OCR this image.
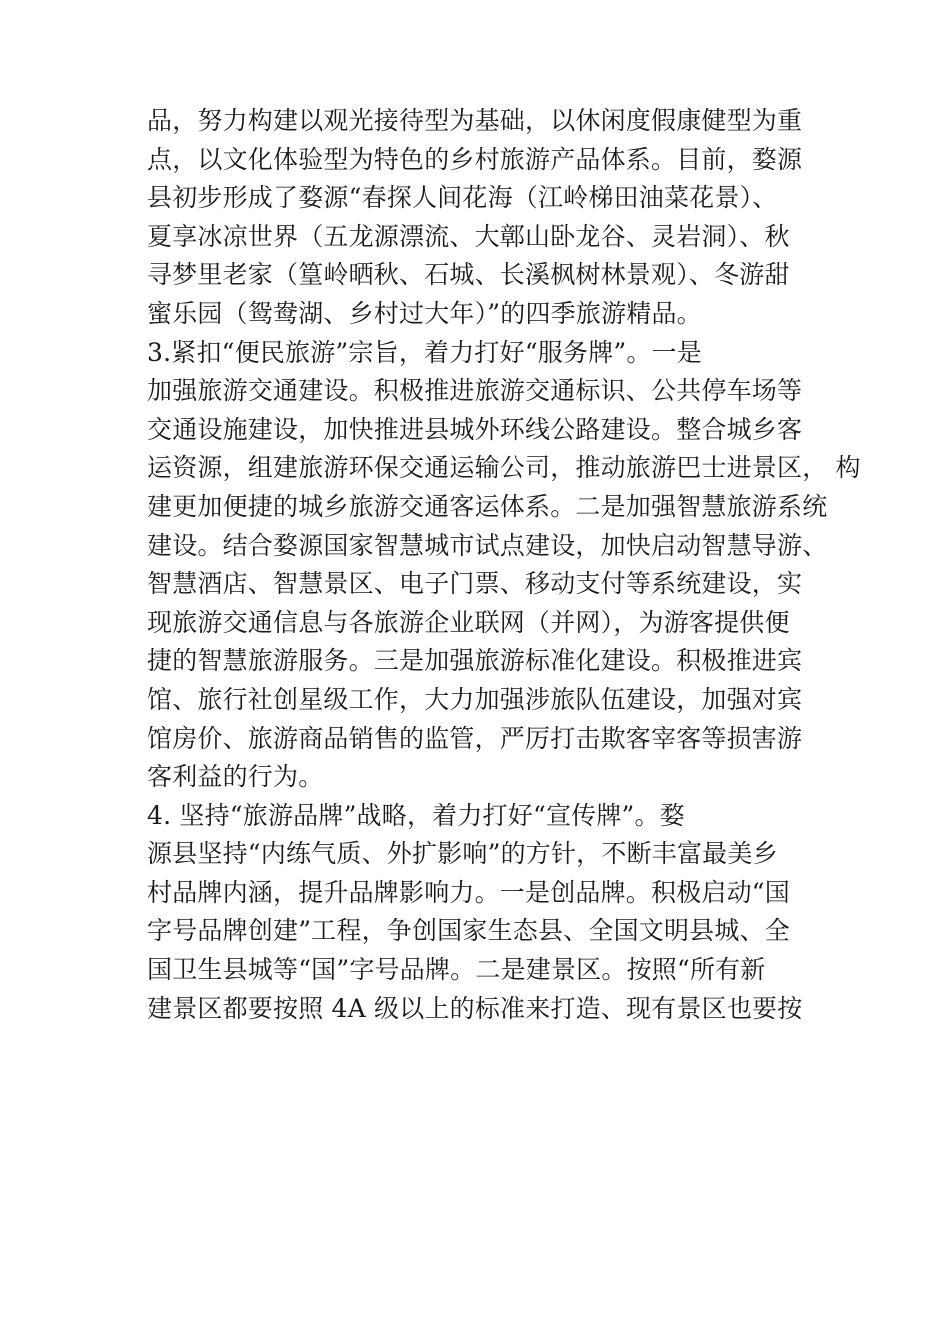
品，努力构建以观光接待型为基础，以休闲度假康健型为重
点，以文化体验型为特色的乡村旅游产品体系。目前，婺源
县初步形成了婺源“春探人间花海（江岭梯田油菜花景）、
夏享冰凉世界（五龙源漂流、大鄣山卧龙谷、灵岩洞）、秋
寻梦里老家（篁岭晒秋、石城、长溪枫树林景观）、冬游甜
蜜乐园（鸳鸯湖、乡村过大年）”的四季旅游精品。
3.紧扣“便民旅游”宗旨，着力打好“服务牌”。一是
加强旅游交通建设。积极推进旅游交通标识、公共停车场等
交通设施建设，加快推进县城外环线公路建设。整合城乡客
运资源，组建旅游环保交通运输公司，推动旅游巴士进景区， 构
建更加便捷的城乡旅游交通客运体系。二是加强智慧旅游系统
建设。结合婺源国家智慧城市试点建设，加快启动智慧导游、
智慧酒店、智慧景区、电子门票、移动支付等系统建设，实
现旅游交通信息与各旅游企业联网（并网），为游客提供便
捷的智慧旅游服务。三是加强旅游标准化建设。积极推进宾
馆、旅行社创星级工作，大力加强涉旅队伍建设，加强对宾
馆房价、旅游商品销售的监管，严厉打击欺客宰客等损害游
客利益的行为。
4. 坚持“旅游品牌”战略，着力打好“宣传牌”。婺
源县坚持“内练气质、外扩影响”的方针，不断丰富最美乡
村品牌内涵，提升品牌影响力。一是创品牌。积极启动“国
字号品牌创建”工程，争创国家生态县、全国文明县城、全
国卫生县城等“国”字号品牌。二是建景区。按照“所有新
建景区都要按照 4A 级以上的标准来打造、现有景区也要按
